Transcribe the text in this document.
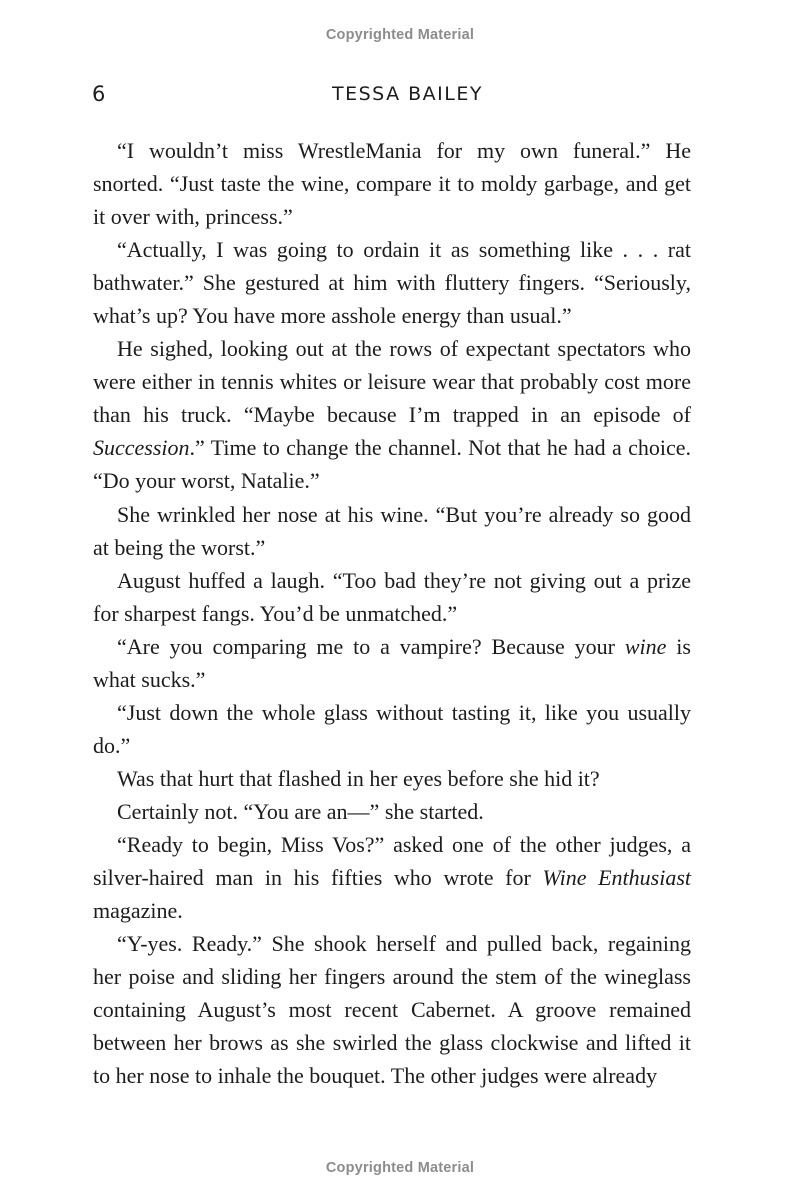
Copyrighted Material
6	TESSA BAILEY

“I wouldn’t miss WrestleMania for my own funeral.” He snorted. “Just taste the wine, compare it to moldy garbage, and get it over with, princess.”

“Actually, I was going to ordain it as something like . . . rat bathwater.” She gestured at him with fluttery fingers. “Seriously, what’s up? You have more asshole energy than usual.”

He sighed, looking out at the rows of expectant spectators who were either in tennis whites or leisure wear that probably cost more than his truck. “Maybe because I’m trapped in an episode of Succession.” Time to change the channel. Not that he had a choice. “Do your worst, Natalie.”

She wrinkled her nose at his wine. “But you’re already so good at being the worst.”

August huffed a laugh. “Too bad they’re not giving out a prize for sharpest fangs. You’d be unmatched.”

“Are you comparing me to a vampire? Because your wine is what sucks.”

“Just down the whole glass without tasting it, like you usually do.”

Was that hurt that flashed in her eyes before she hid it?

Certainly not. “You are an—” she started.

“Ready to begin, Miss Vos?” asked one of the other judges, a silver-haired man in his fifties who wrote for Wine Enthusiast magazine.

“Y-yes. Ready.” She shook herself and pulled back, regaining her poise and sliding her fingers around the stem of the wineglass containing August’s most recent Cabernet. A groove remained between her brows as she swirled the glass clockwise and lifted it to her nose to inhale the bouquet. The other judges were already

Copyrighted Material
